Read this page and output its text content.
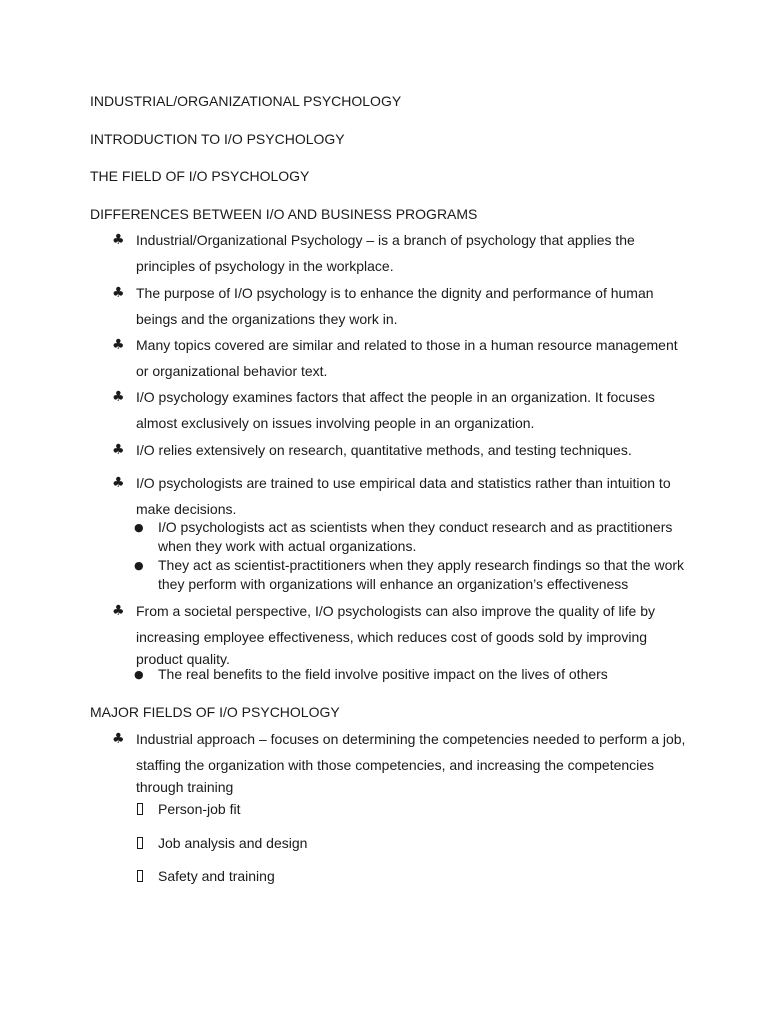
INDUSTRIAL/ORGANIZATIONAL PSYCHOLOGY
INTRODUCTION TO I/O PSYCHOLOGY
THE FIELD OF I/O PSYCHOLOGY
DIFFERENCES BETWEEN I/O AND BUSINESS PROGRAMS
♣ Industrial/Organizational Psychology – is a branch of psychology that applies the
principles of psychology in the workplace.
♣ The purpose of I/O psychology is to enhance the dignity and performance of human
beings and the organizations they work in.
♣ Many topics covered are similar and related to those in a human resource management
or organizational behavior text.
♣ I/O psychology examines factors that affect the people in an organization. It focuses
almost exclusively on issues involving people in an organization.
♣ I/O relies extensively on research, quantitative methods, and testing techniques.
♣ I/O psychologists are trained to use empirical data and statistics rather than intuition to
make decisions.
● I/O psychologists act as scientists when they conduct research and as practitioners
when they work with actual organizations.
● They act as scientist-practitioners when they apply research findings so that the work
they perform with organizations will enhance an organization’s effectiveness
♣ From a societal perspective, I/O psychologists can also improve the quality of life by
increasing employee effectiveness, which reduces cost of goods sold by improving
product quality.
● The real benefits to the field involve positive impact on the lives of others
MAJOR FIELDS OF I/O PSYCHOLOGY
♣ Industrial approach – focuses on determining the competencies needed to perform a job,
staffing the organization with those competencies, and increasing the competencies
through training
Person-job fit
Job analysis and design
Safety and training
